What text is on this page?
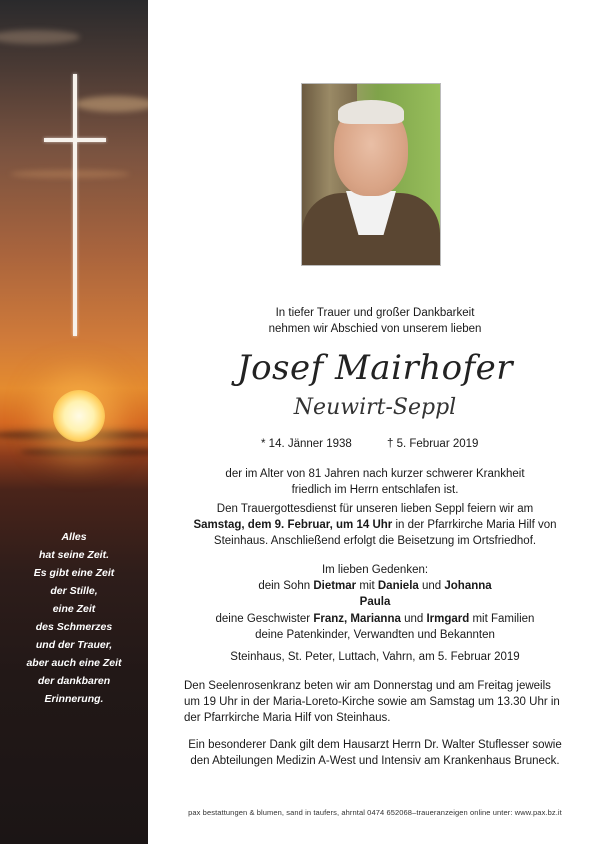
Alles
hat seine Zeit.
Es gibt eine Zeit
der Stille,
eine Zeit
des Schmerzes
und der Trauer,
aber auch eine Zeit
der dankbaren
Erinnerung.

In tiefer Trauer und großer Dankbarkeit

nehmen wir Abschied von unserem lieben

Josef Mairhofer
Neuwirt-Seppl
* 14. Jänner 1938	† 5. Februar 2019

der im Alter von 81 Jahren nach kurzer schwerer Krankheit

friedlich im Herrn entschlafen ist.

Den Trauergottesdienst für unseren lieben Seppl feiern wir am

Samstag, dem 9. Februar, um 14 Uhr in der Pfarrkirche Maria Hilf von

Steinhaus. Anschließend erfolgt die Beisetzung im Ortsfriedhof.

Im lieben Gedenken:

dein Sohn Dietmar mit Daniela und Johanna

Paula

deine Geschwister Franz, Marianna und Irmgard mit Familien

deine Patenkinder, Verwandten und Bekannten

Steinhaus, St. Peter, Luttach, Vahrn, am 5. Februar 2019

Den Seelenrosenkranz beten wir am Donnerstag und am Freitag jeweils

um 19 Uhr in der Maria-Loreto-Kirche sowie am Samstag um 13.30 Uhr in

der Pfarrkirche Maria Hilf von Steinhaus.

Ein besonderer Dank gilt dem Hausarzt Herrn Dr. Walter Stuflesser sowie

den Abteilungen Medizin A-West und Intensiv am Krankenhaus Bruneck.

pax bestattungen & blumen, sand in taufers, ahrntal 0474 652068–traueranzeigen online unter: www.pax.bz.it
